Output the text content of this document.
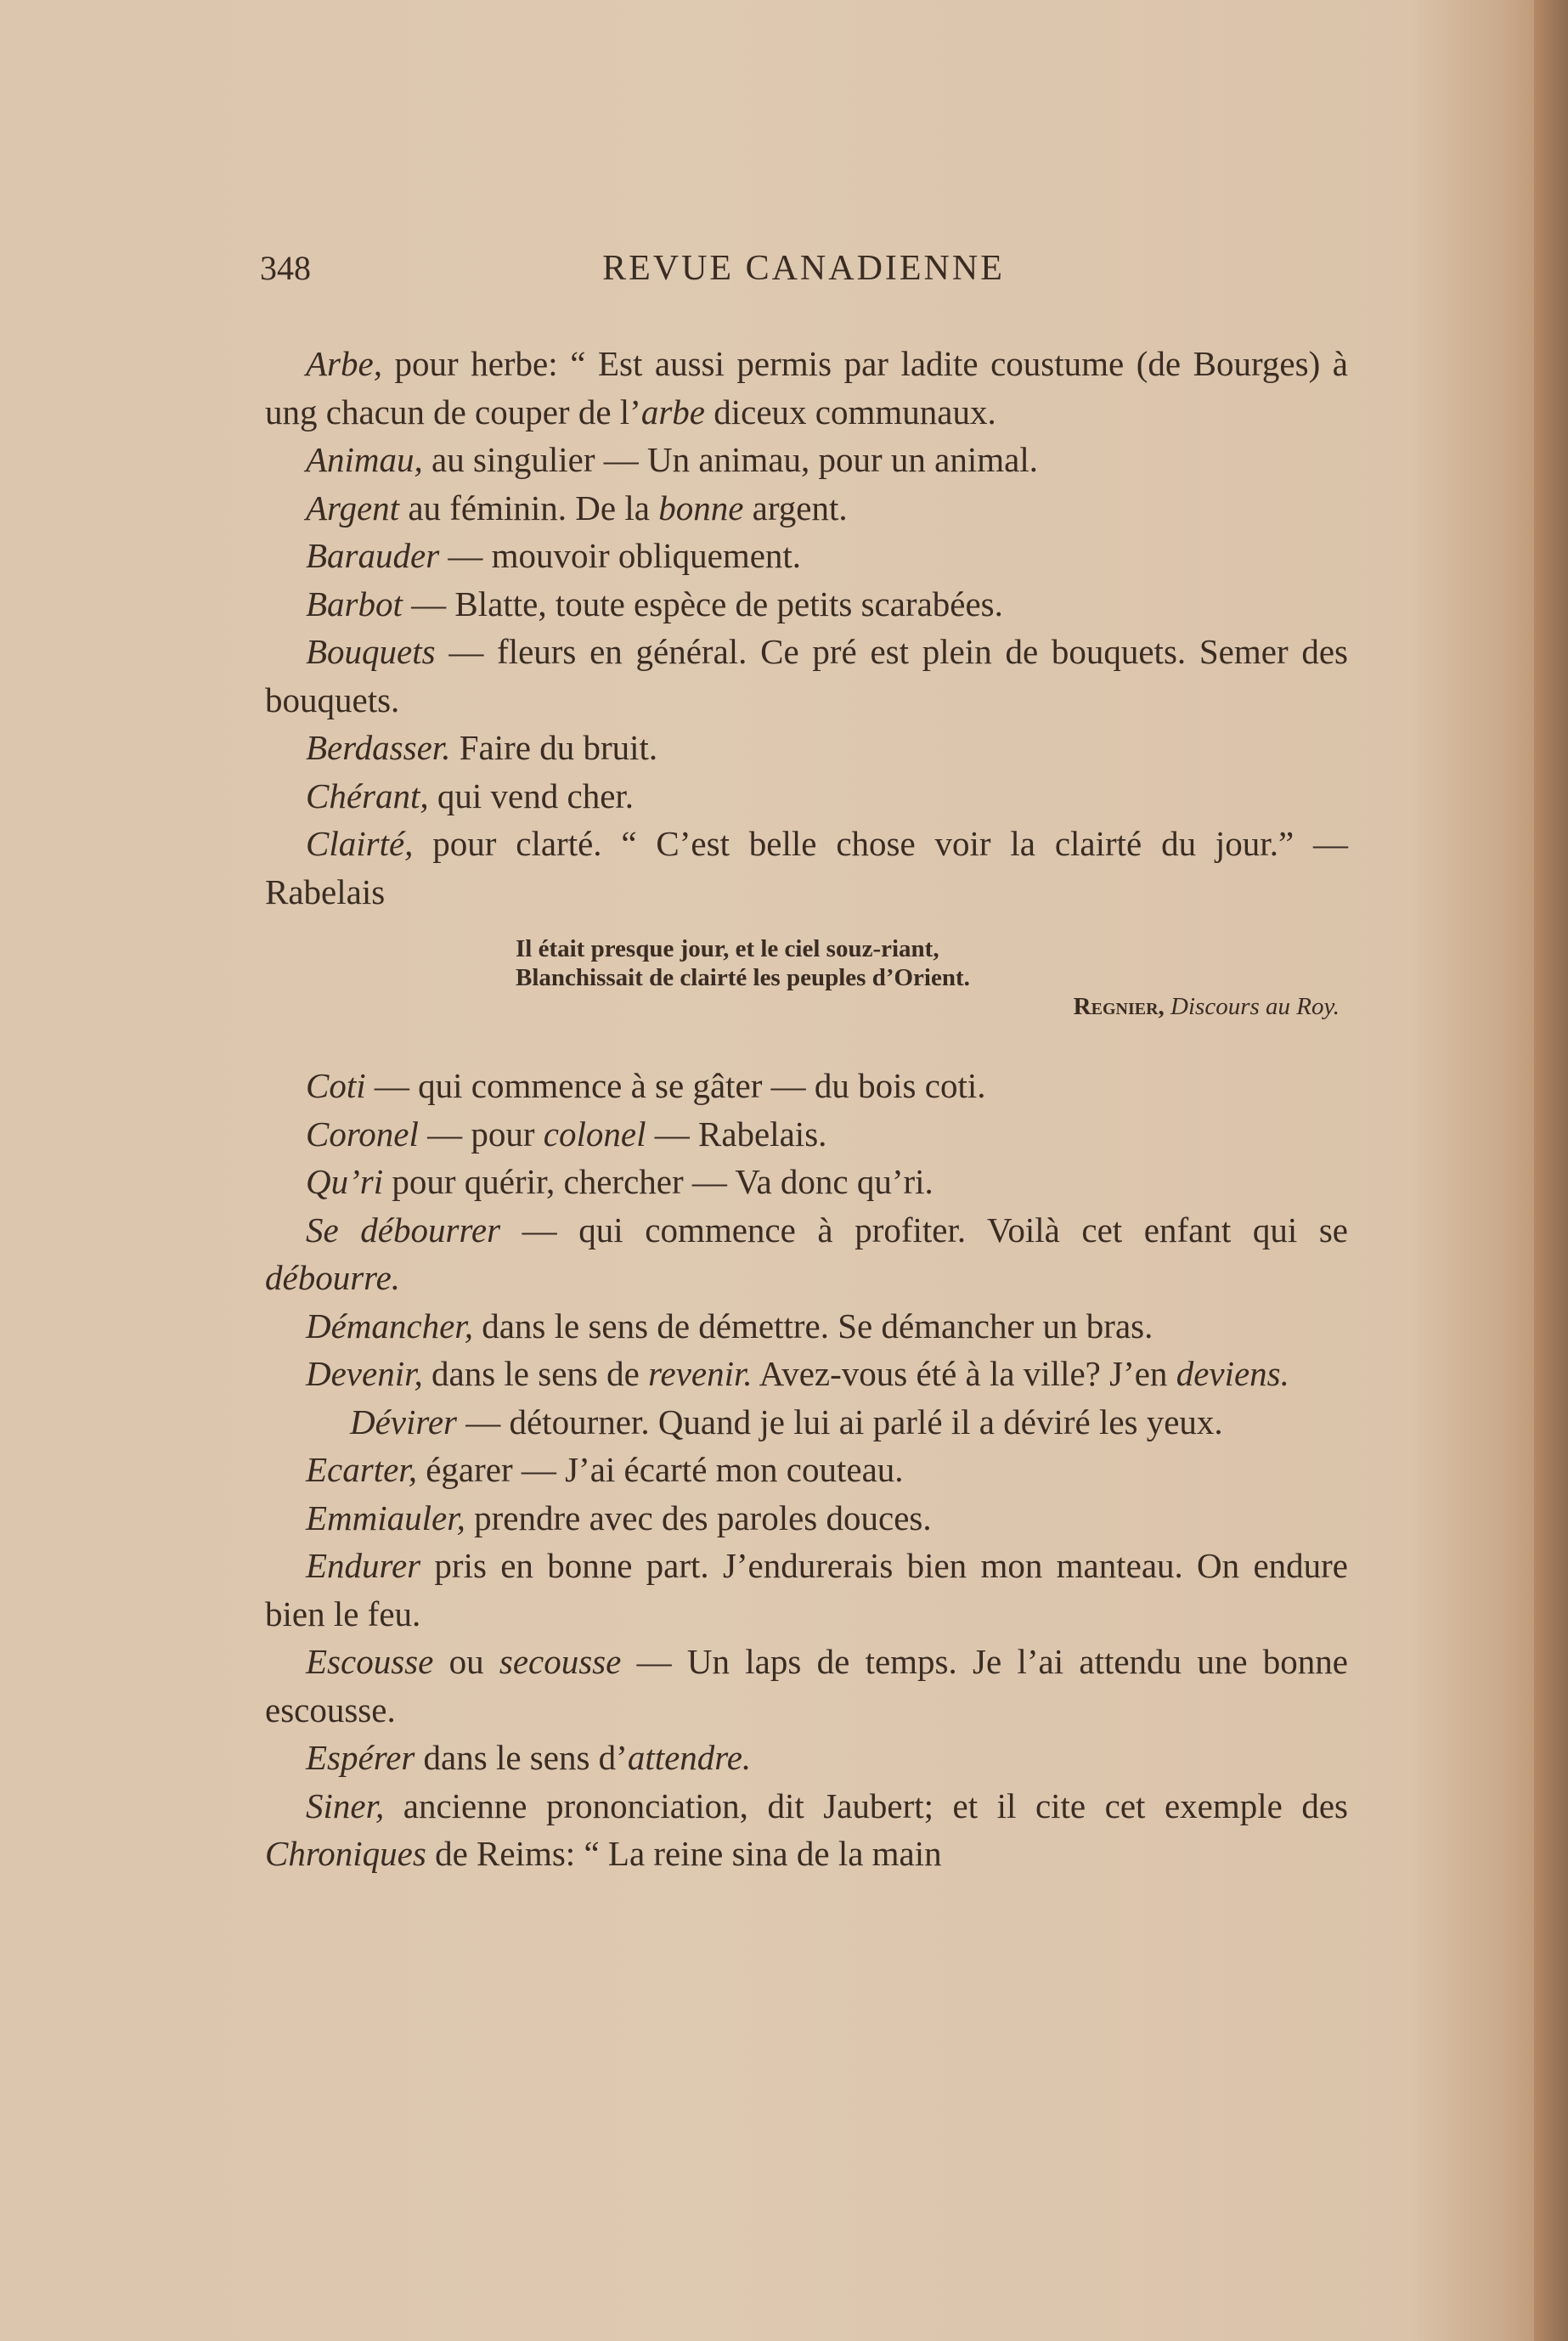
348	REVUE CANADIENNE

Arbe, pour herbe: “ Est aussi permis par ladite coustume (de Bourges) à ung chacun de couper de l’arbe diceux communaux.

Animau, au singulier — Un animau, pour un animal.

Argent au féminin. De la bonne argent.

Barauder — mouvoir obliquement.

Barbot — Blatte, toute espèce de petits scarabées.

Bouquets — fleurs en général. Ce pré est plein de bouquets. Semer des bouquets.

Berdasser. Faire du bruit.

Chérant, qui vend cher.

Clairté, pour clarté. “ C’est belle chose voir la clairté du jour.” — Rabelais

Il était presque jour, et le ciel souz-riant,
Blanchissait de clairté les peuples d’Orient.
Regnier, Discours au Roy.

Coti — qui commence à se gâter — du bois coti.

Coronel — pour colonel — Rabelais.

Qu’ri pour quérir, chercher — Va donc qu’ri.

Se débourrer — qui commence à profiter. Voilà cet enfant qui se débourre.

Démancher, dans le sens de démettre. Se démancher un bras.

Devenir, dans le sens de revenir. Avez-vous été à la ville? J’en deviens.

Dévirer — détourner. Quand je lui ai parlé il a déviré les yeux.

Ecarter, égarer — J’ai écarté mon couteau.

Emmiauler, prendre avec des paroles douces.

Endurer pris en bonne part. J’endurerais bien mon manteau. On endure bien le feu.

Escousse ou secousse — Un laps de temps. Je l’ai attendu une bonne escousse.

Espérer dans le sens d’attendre.

Siner, ancienne prononciation, dit Jaubert; et il cite cet exemple des Chroniques de Reims: “ La reine sina de la main
